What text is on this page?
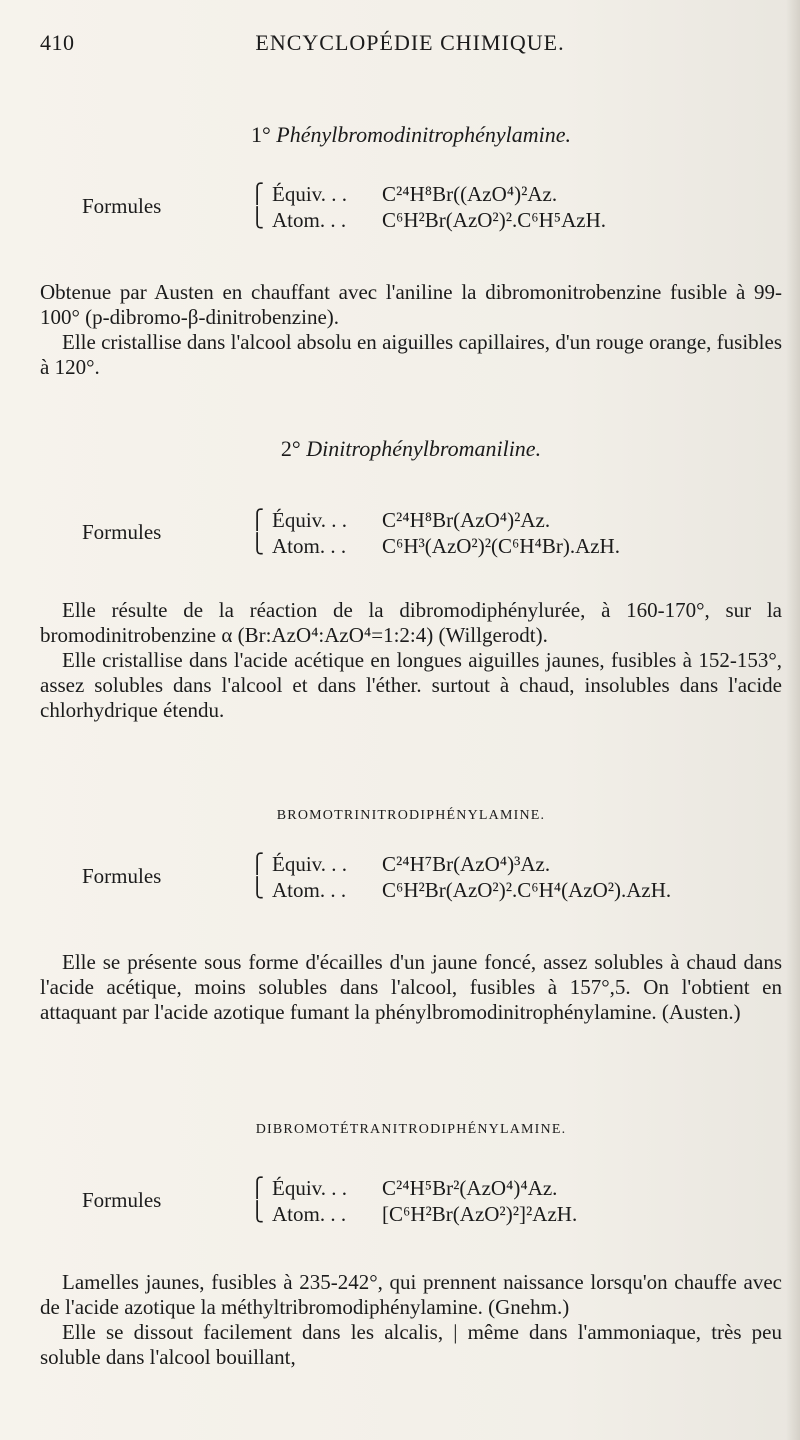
410	ENCYCLOPÉDIE CHIMIQUE.
1° Phénylbromodinitrophénylamine.
Formules	⎧
⎩
Équiv. . . C²⁴H⁸Br((AzO⁴)²Az.
Atom. . . C⁶H²Br(AzO²)².C⁶H⁵AzH.

Obtenue par Austen en chauffant avec l'aniline la dibromonitrobenzine fusible à 99-100° (p-dibromo-β-dinitrobenzine).

Elle cristallise dans l'alcool absolu en aiguilles capillaires, d'un rouge orange, fusibles à 120°.

2° Dinitrophénylbromaniline.
Formules	⎧
⎩
Équiv. . . C²⁴H⁸Br(AzO⁴)²Az.
Atom. . . C⁶H³(AzO²)²(C⁶H⁴Br).AzH.

Elle résulte de la réaction de la dibromodiphénylurée, à 160-170°, sur la bromodinitrobenzine α (Br:AzO⁴:AzO⁴=1:2:4) (Willgerodt).

Elle cristallise dans l'acide acétique en longues aiguilles jaunes, fusibles à 152-153°, assez solubles dans l'alcool et dans l'éther. surtout à chaud, insolubles dans l'acide chlorhydrique étendu.

BROMOTRINITRODIPHÉNYLAMINE.
Formules	⎧
⎩
Équiv. . . C²⁴H⁷Br(AzO⁴)³Az.
Atom. . . C⁶H²Br(AzO²)².C⁶H⁴(AzO²).AzH.

Elle se présente sous forme d'écailles d'un jaune foncé, assez solubles à chaud dans l'acide acétique, moins solubles dans l'alcool, fusibles à 157°,5. On l'obtient en attaquant par l'acide azotique fumant la phénylbromodinitrophénylamine. (Austen.)

DIBROMOTÉTRANITRODIPHÉNYLAMINE.
Formules	⎧
⎩
Équiv. . . C²⁴H⁵Br²(AzO⁴)⁴Az.
Atom. . . [C⁶H²Br(AzO²)²]²AzH.

Lamelles jaunes, fusibles à 235-242°, qui prennent naissance lorsqu'on chauffe avec de l'acide azotique la méthyltribromodiphénylamine. (Gnehm.)

Elle se dissout facilement dans les alcalis, | même dans l'ammoniaque, très peu soluble dans l'alcool bouillant,
